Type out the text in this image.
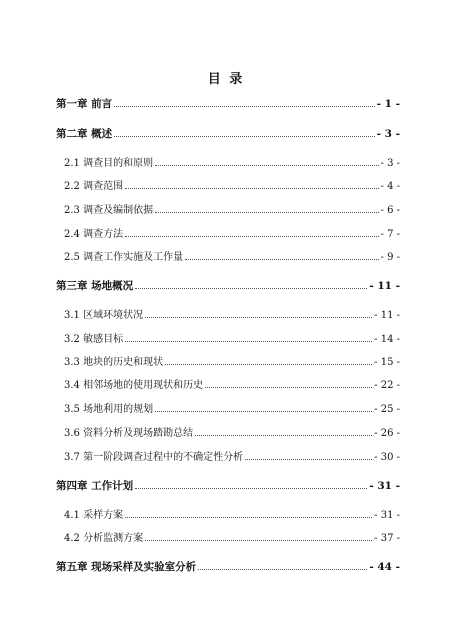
目 录
第一章 前言	- 1 -
第二章 概述	- 3 -
2.1 调查目的和原则	- 3 -
2.2 调查范围	- 4 -
2.3 调查及编制依据	- 6 -
2.4 调查方法	- 7 -
2.5 调查工作实施及工作量	- 9 -
第三章 场地概况	- 11 -
3.1 区域环境状况	- 11 -
3.2 敏感目标	- 14 -
3.3 地块的历史和现状	- 15 -
3.4 相邻场地的使用现状和历史	- 22 -
3.5 场地利用的规划	- 25 -
3.6 资料分析及现场踏勘总结	- 26 -
3.7 第一阶段调查过程中的不确定性分析	- 30 -
第四章 工作计划	- 31 -
4.1 采样方案	- 31 -
4.2 分析监测方案	- 37 -
第五章 现场采样及实验室分析	- 44 -
